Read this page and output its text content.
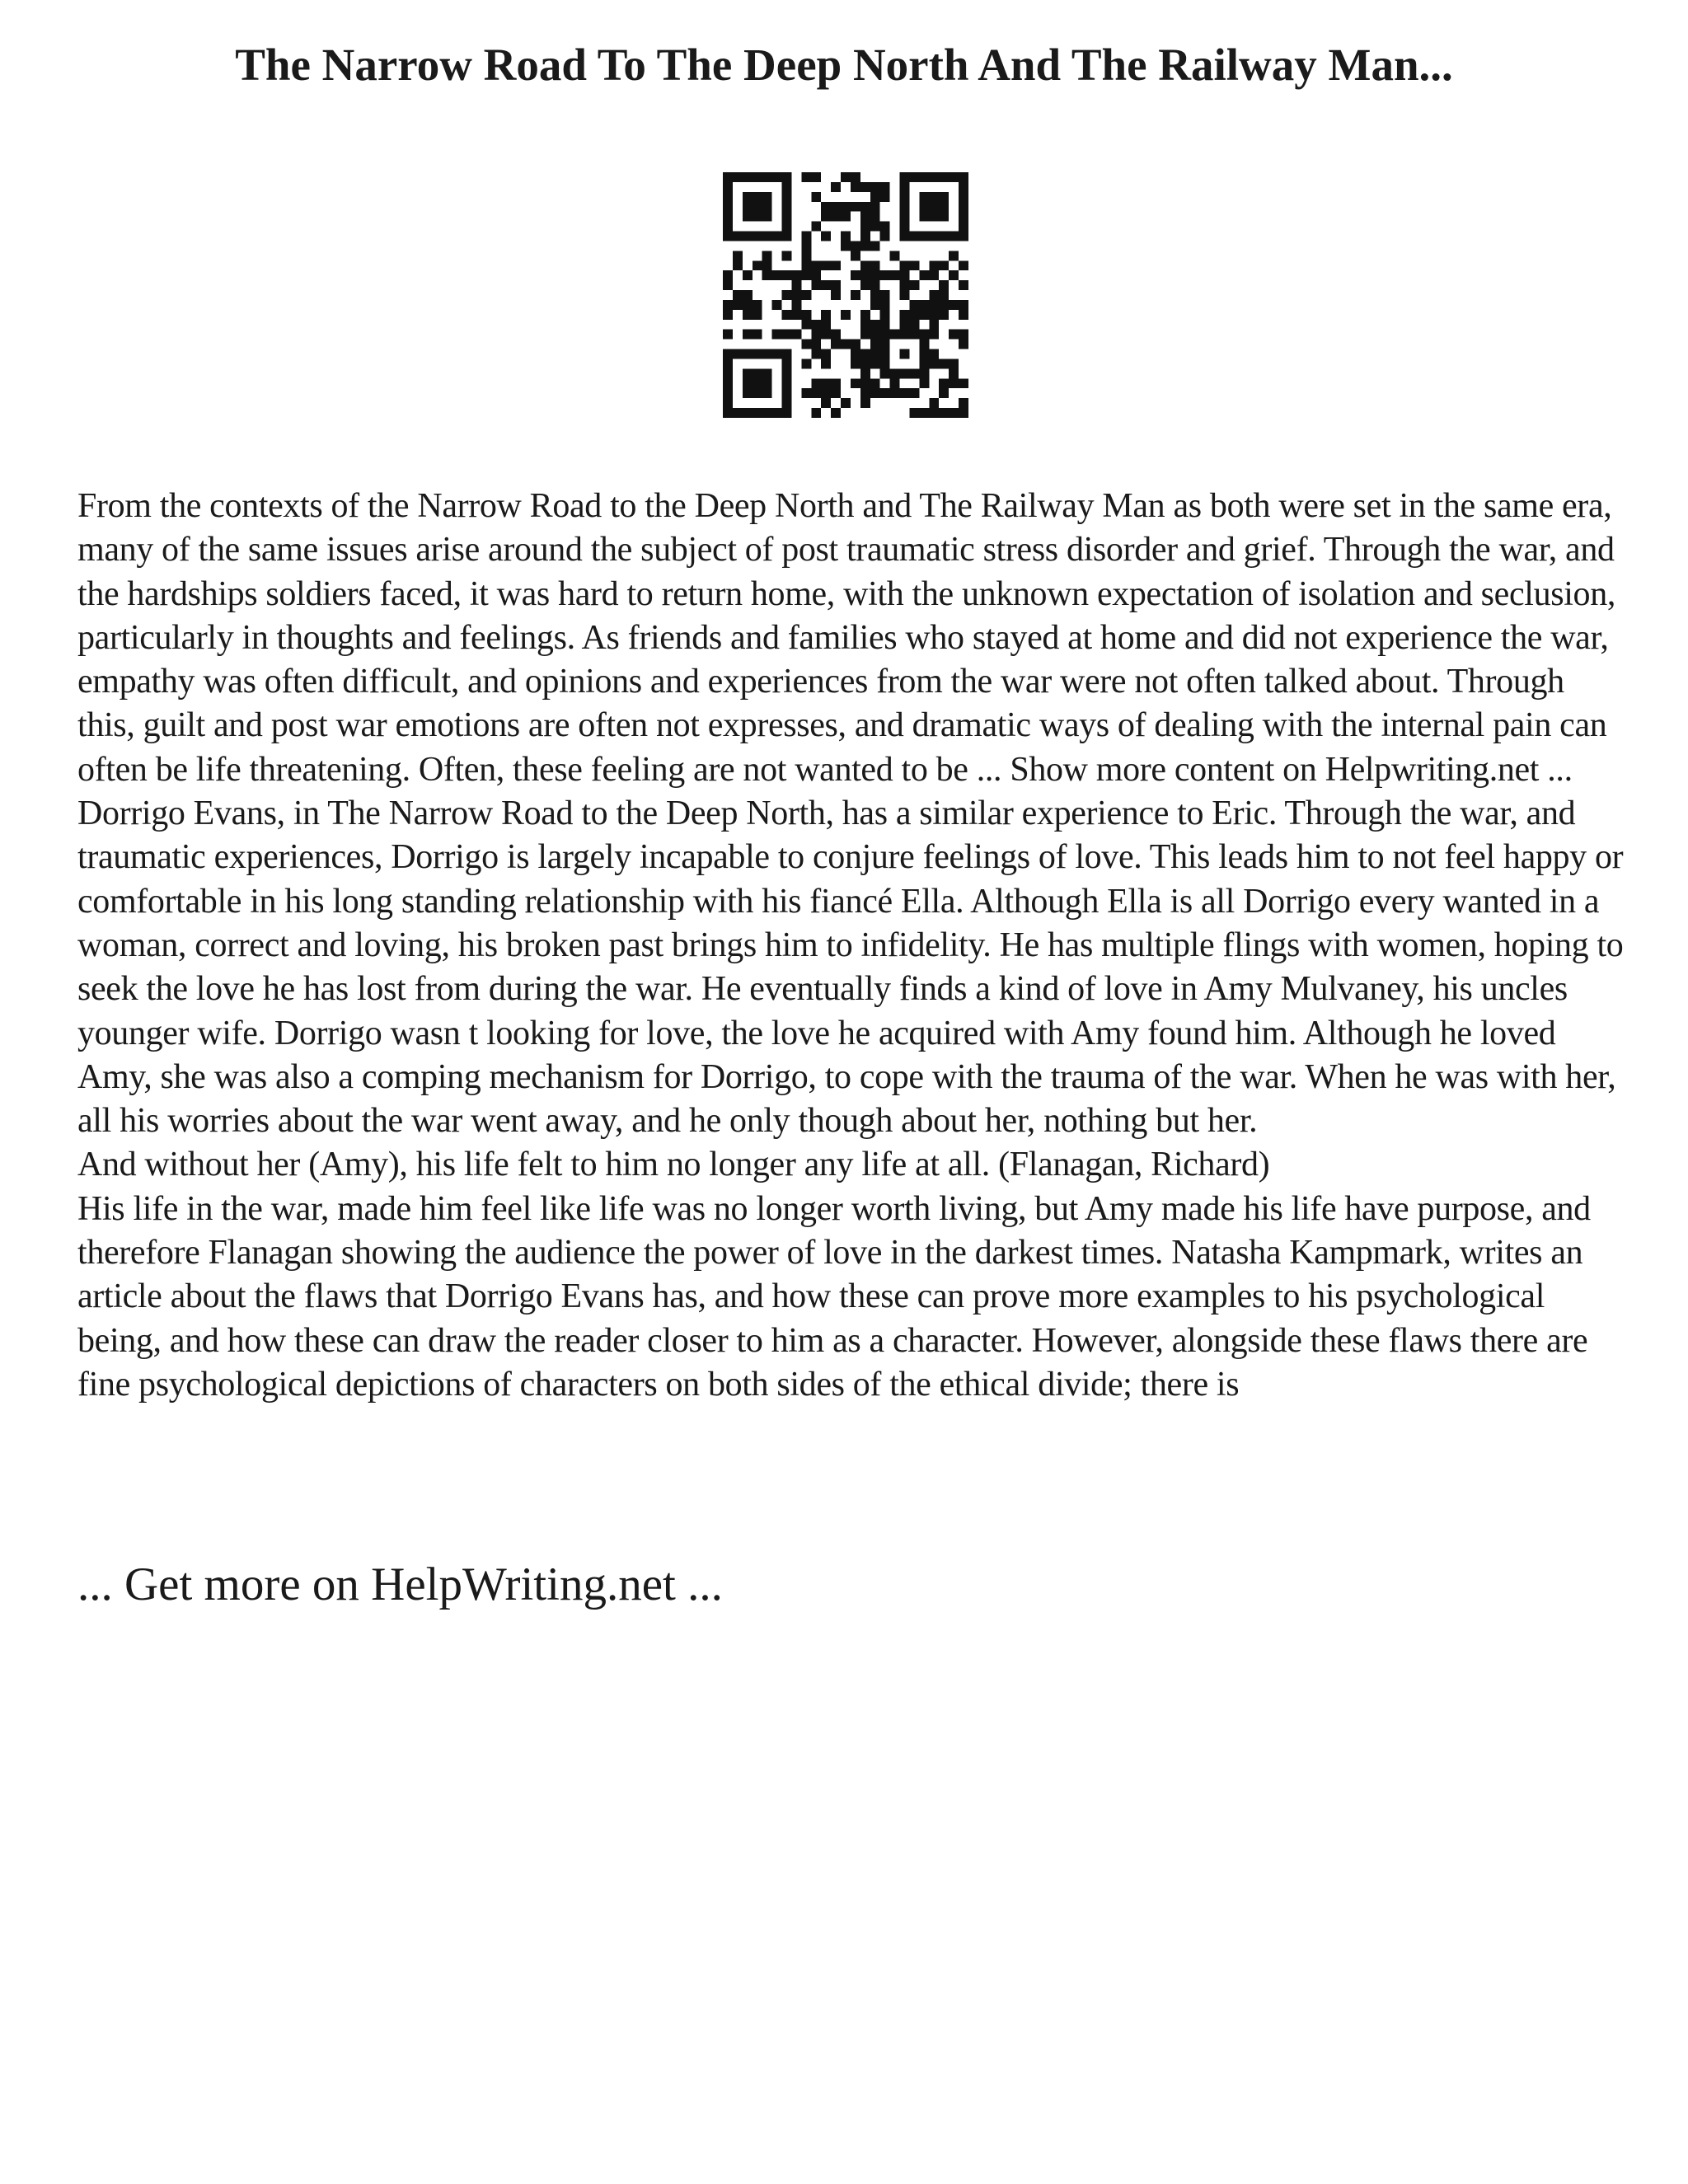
The Narrow Road To The Deep North And The Railway Man...

From the contexts of the Narrow Road to the Deep North and The Railway Man as both were set in the same era, many of the same issues arise around the subject of post traumatic stress disorder and grief. Through the war, and the hardships soldiers faced, it was hard to return home, with the unknown expectation of isolation and seclusion, particularly in thoughts and feelings. As friends and families who stayed at home and did not experience the war, empathy was often difficult, and opinions and experiences from the war were not often talked about. Through this, guilt and post war emotions are often not expresses, and dramatic ways of dealing with the internal pain can often be life threatening. Often, these feeling are not wanted to be ... Show more content on Helpwriting.net ...

Dorrigo Evans, in The Narrow Road to the Deep North, has a similar experience to Eric. Through the war, and traumatic experiences, Dorrigo is largely incapable to conjure feelings of love. This leads him to not feel happy or comfortable in his long standing relationship with his fiancé Ella. Although Ella is all Dorrigo every wanted in a woman, correct and loving, his broken past brings him to infidelity. He has multiple flings with women, hoping to seek the love he has lost from during the war. He eventually finds a kind of love in Amy Mulvaney, his uncles younger wife. Dorrigo wasn t looking for love, the love he acquired with Amy found him. Although he loved Amy, she was also a comping mechanism for Dorrigo, to cope with the trauma of the war. When he was with her, all his worries about the war went away, and he only though about her, nothing but her.

And without her (Amy), his life felt to him no longer any life at all. (Flanagan, Richard)

His life in the war, made him feel like life was no longer worth living, but Amy made his life have purpose, and therefore Flanagan showing the audience the power of love in the darkest times. Natasha Kampmark, writes an article about the flaws that Dorrigo Evans has, and how these can prove more examples to his psychological being, and how these can draw the reader closer to him as a character. However, alongside these flaws there are fine psychological depictions of characters on both sides of the ethical divide; there is

... Get more on HelpWriting.net ...
